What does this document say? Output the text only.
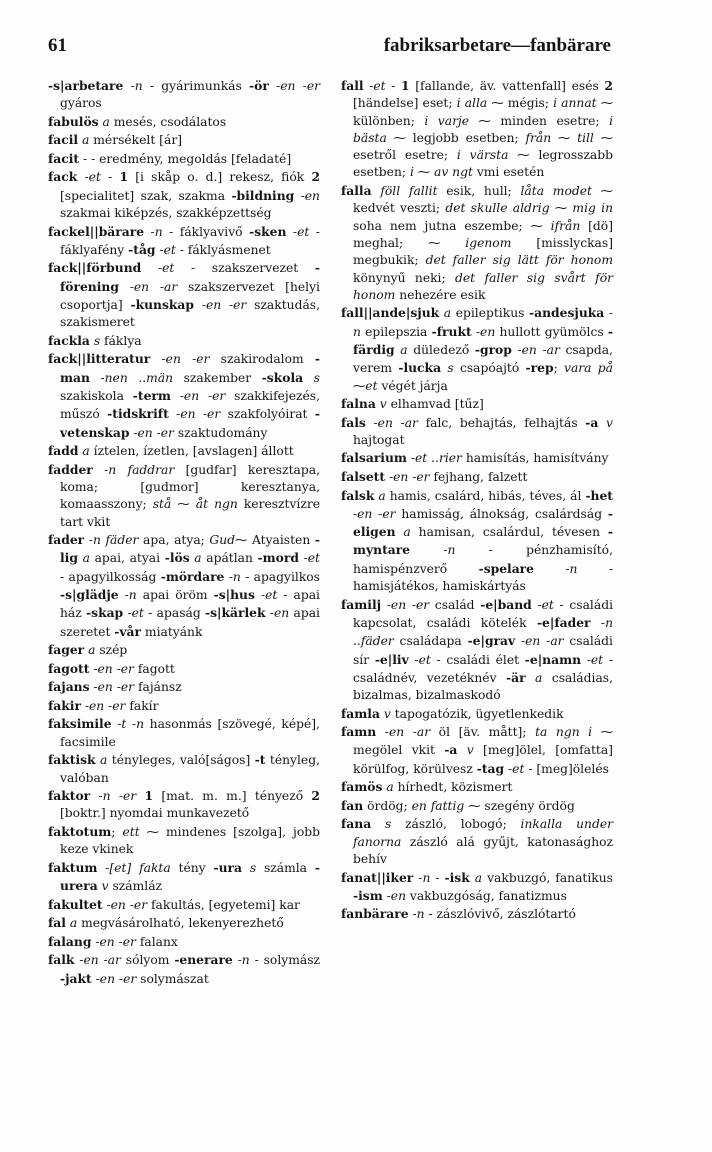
61	fabriksarbetare—fanbärare

-s|arbetare -n - gyárimunkás -ör -en -er gyáros

fabulös a mesés, csodálatos

facil a mérsékelt [ár]

facit - - eredmény, megoldás [feladaté]

fack -et - 1 [i skåp o. d.] rekesz, fiók 2 [specialitet] szak, szakma -bildning -en szakmai kiképzés, szakképzettség

fackel||bärare -n - fáklyavivő -sken -et - fáklyafény -tåg -et - fáklyásmenet

fack||förbund -et - szakszervezet -förening -en -ar szakszervezet [helyi csoportja] -kunskap -en -er szaktudás, szakismeret

fackla s fáklya

fack||litteratur -en -er szakirodalom -man -nen ..män szakember -skola s szakiskola -term -en -er szakkifejezés, műszó -tidskrift -en -er szakfolyóirat -vetenskap -en -er szaktudomány

fadd a íztelen, ízetlen, [avslagen] állott

fadder -n faddrar [gudfar] keresztapa, koma; [gudmor] keresztanya, komaasszony; stå ⁓ åt ngn keresztvízre tart vkit

fader -n fäder apa, atya; Gud⁓ Atyaisten -lig a apai, atyai -lös a apátlan -mord -et - apagyilkosság -mördare -n - apagyilkos -s|glädje -n apai öröm -s|hus -et - apai ház -skap -et - apaság -s|kärlek -en apai szeretet -vår miatyánk

fager a szép

fagott -en -er fagott

fajans -en -er fajánsz

fakir -en -er fakír

faksimile -t -n hasonmás [szövegé, képé], facsimile

faktisk a tényleges, való[ságos] -t tényleg, valóban

faktor -n -er 1 [mat. m. m.] tényező 2 [boktr.] nyomdai munkavezető

faktotum; ett ⁓ mindenes [szolga], jobb keze vkinek

faktum -[et] fakta tény -ura s számla -urera v számláz

fakultet -en -er fakultás, [egyetemi] kar

fal a megvásárolható, lekenyerezhető

falang -en -er falanx

falk -en -ar sólyom -enerare -n - solymász -jakt -en -er solymászat

fall -et - 1 [fallande, äv. vattenfall] esés 2 [händelse] eset; i alla ⁓ mégis; i annat ⁓ különben; i varje ⁓ minden esetre; i bästa ⁓ legjobb esetben; från ⁓ till ⁓ esetről esetre; i värsta ⁓ legrosszabb esetben; i ⁓ av ngt vmi esetén

falla föll fallit esik, hull; låta modet ⁓ kedvét veszti; det skulle aldrig ⁓ mig in soha nem jutna eszembe; ⁓ ifrån [dö] meghal; ⁓ igenom [misslyckas] megbukik; det faller sig lätt för honom könynyű neki; det faller sig svårt för honom nehezére esik

fall||ande|sjuk a epileptikus -andesjuka -n epilepszia -frukt -en hullott gyümölcs -färdig a düledező -grop -en -ar csapda, verem -lucka s csapóajtó -rep; vara på ⁓et végét járja

falna v elhamvad [tűz]

fals -en -ar falc, behajtás, felhajtás -a v hajtogat

falsarium -et ..rier hamisítás, hamisítvány

falsett -en -er fejhang, falzett

falsk a hamis, csalárd, hibás, téves, ál -het -en -er hamisság, álnokság, csalárdság -eligen a hamisan, csalárdul, tévesen -myntare	-n - pénzhamisító, hamispénzverő -spelare	-n -hamisjátékos, hamiskártyás

familj -en -er család -e|band -et - családi kapcsolat, családi kötelék -e|fader -n ..fäder családapa -e|grav -en -ar családi sír -e|liv -et - családi élet -e|namn -et - családnév, vezetéknév -är a családias, bizalmas, bizalmaskodó

famla v tapogatózik, ügyetlenkedik

famn -en -ar öl [äv. mått]; ta ngn i ⁓ megölel vkit -a v [meg]ölel, [omfatta] körülfog, körülvesz -tag -et - [meg]ölelés

famös a hírhedt, közismert

fan ördög; en fattig ⁓ szegény ördög

fana s zászló, lobogó; inkalla under fanorna zászló alá gyűjt, katonasághoz behív

fanat||iker -n - -isk a vakbuzgó, fanatikus -ism -en vakbuzgóság, fanatizmus

fanbärare -n - zászlóvivő, zászlótartó
